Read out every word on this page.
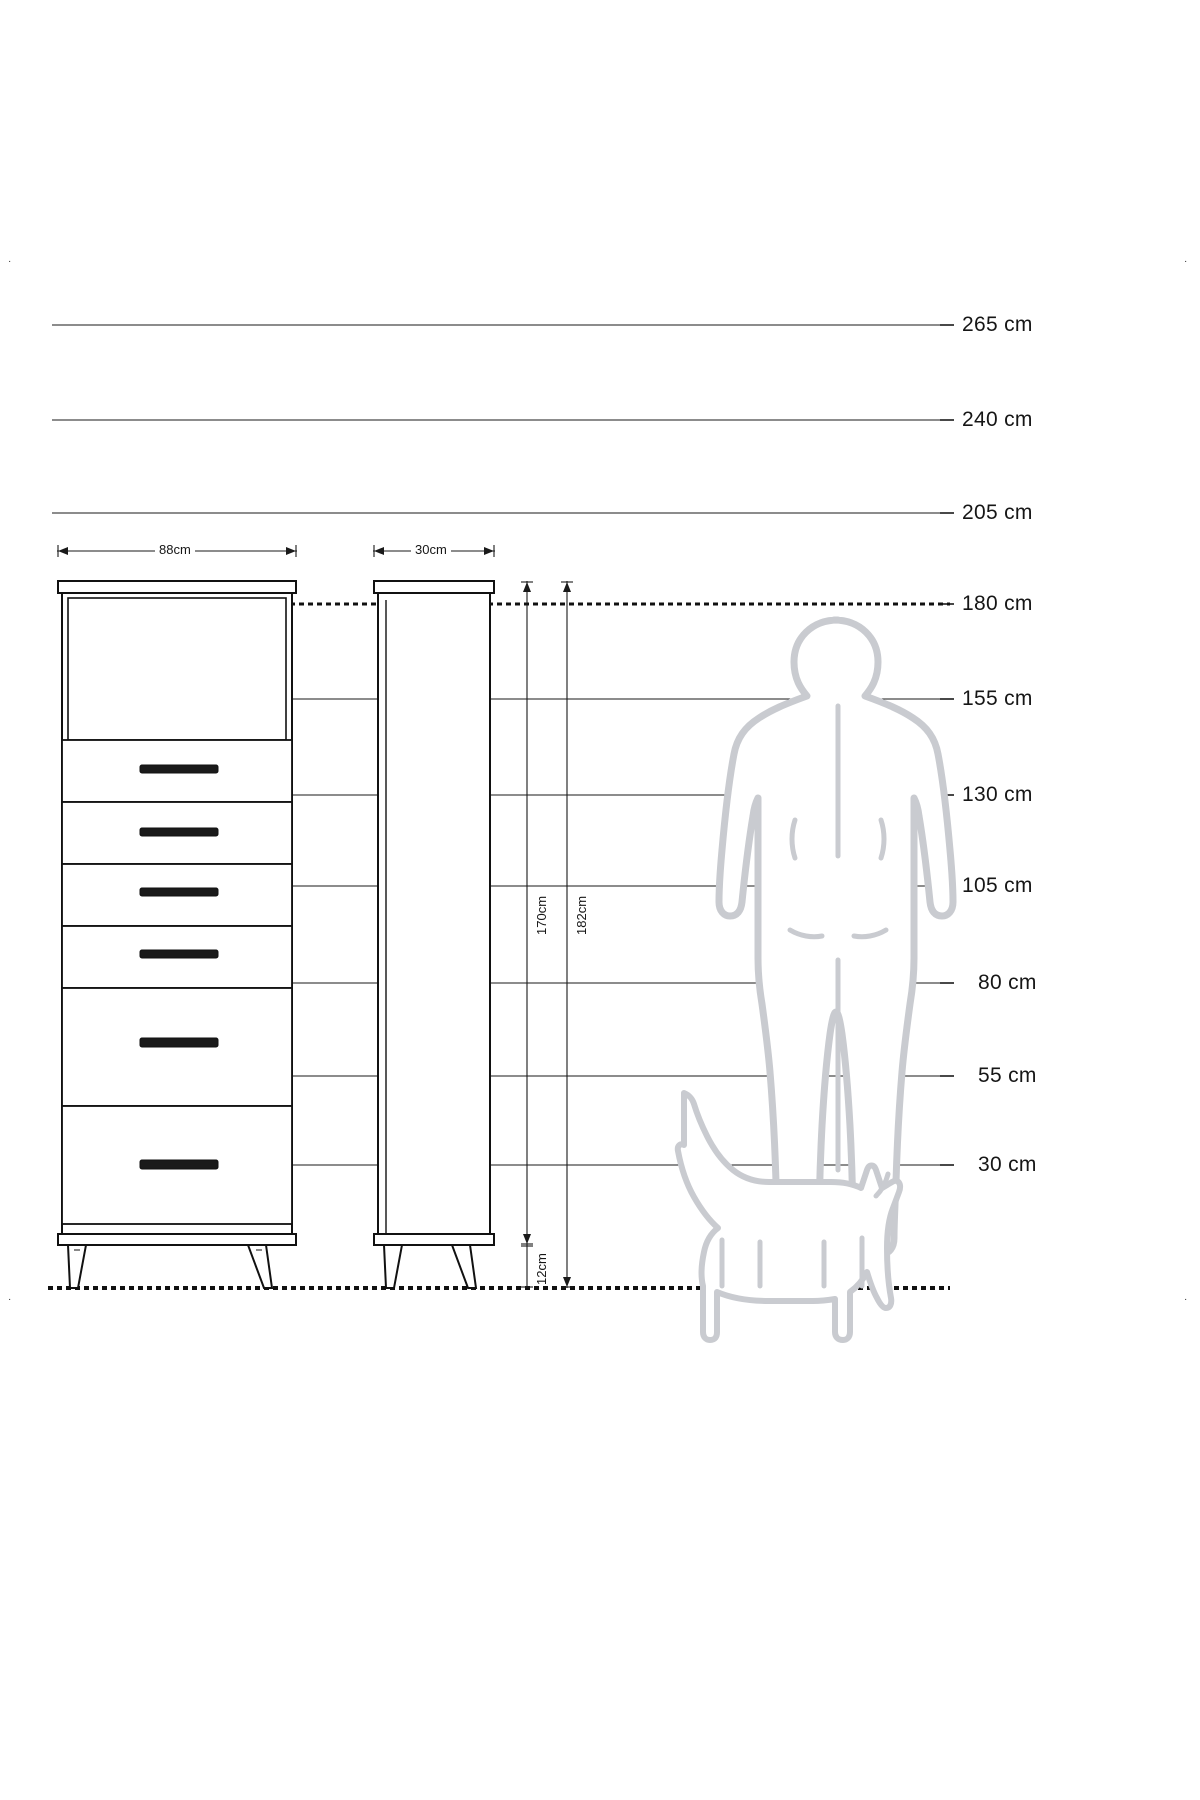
·	·
·	·
265 cm
240 cm
205 cm
180 cm
155 cm
130 cm
105 cm
80 cm
55 cm
30 cm
88cm	30cm
170cm 182cm
12cm
